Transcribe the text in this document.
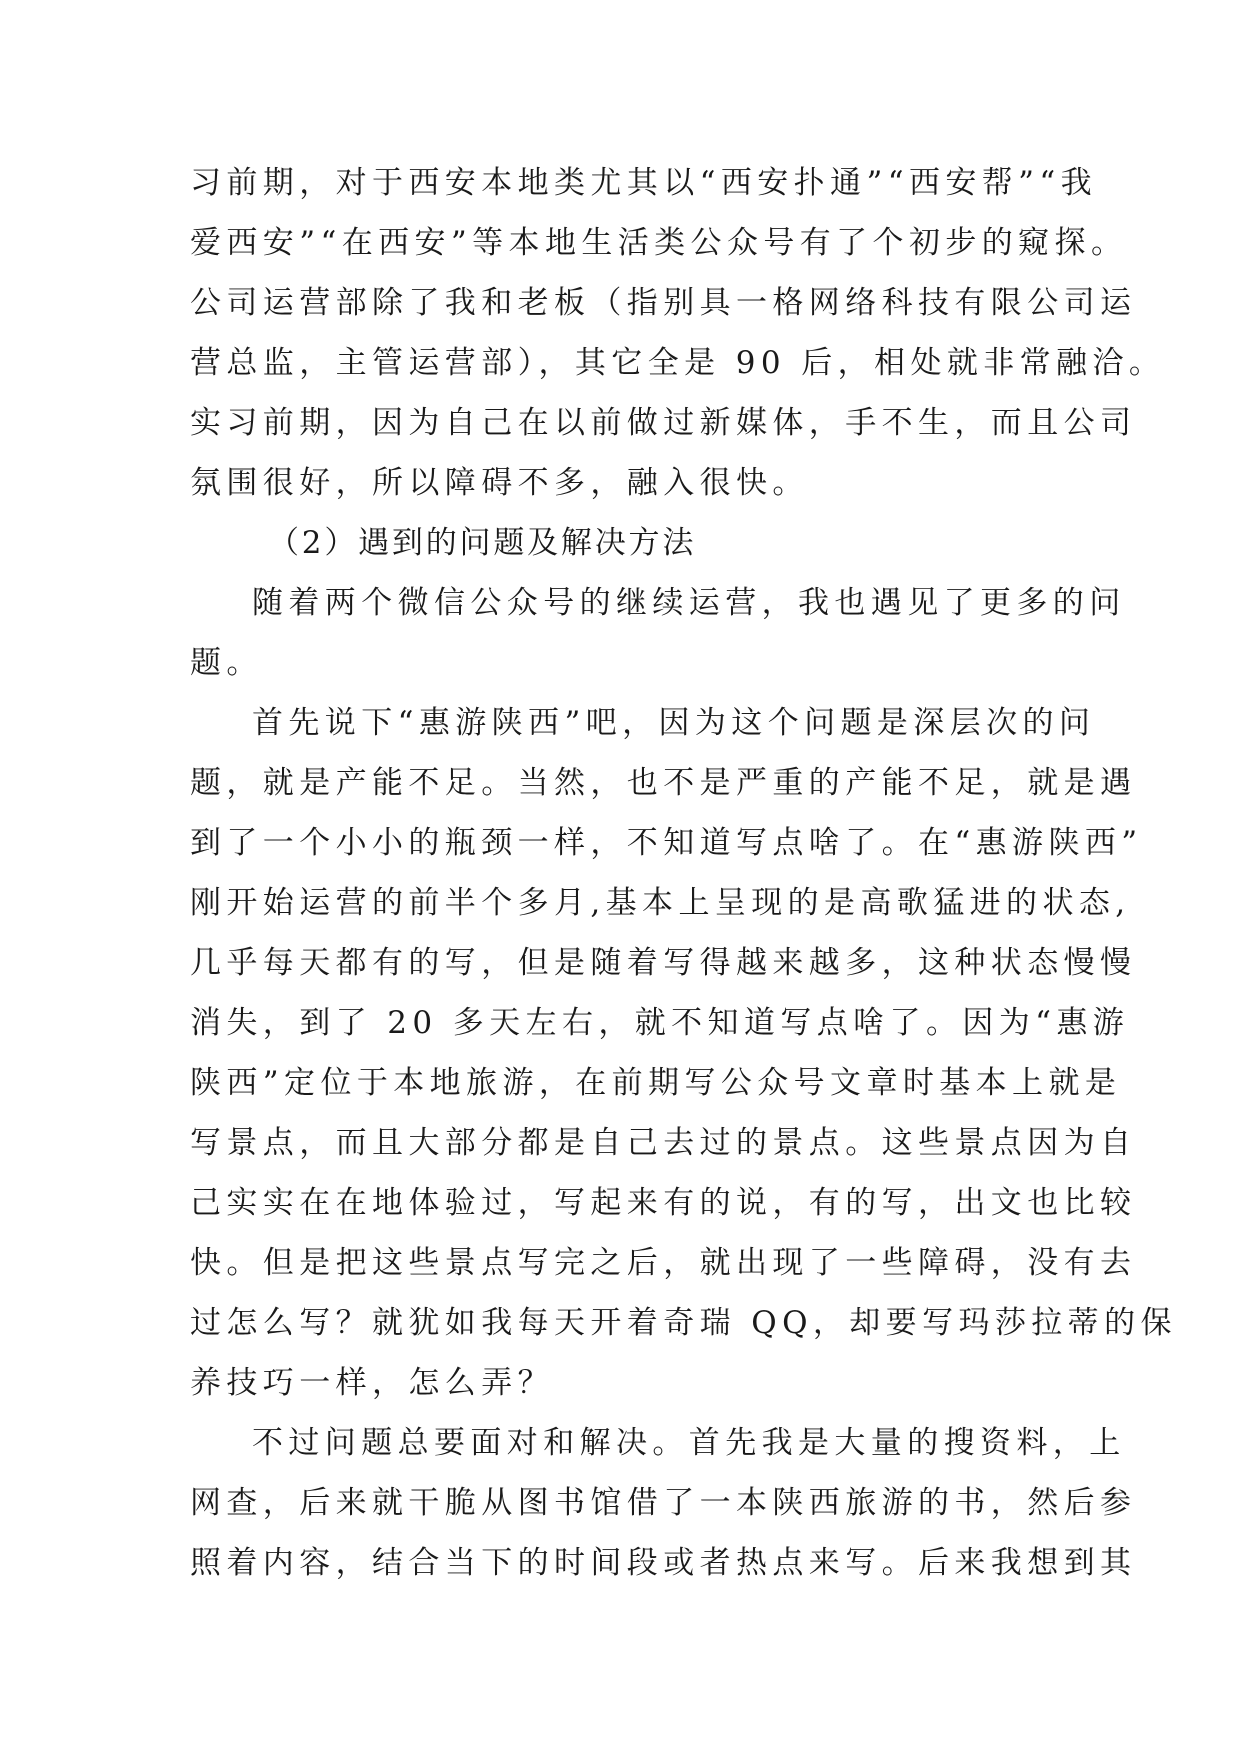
习前期，对于西安本地类尤其以“西安扑通”“西安帮”“我
爱西安”“在西安”等本地生活类公众号有了个初步的窥探。
公司运营部除了我和老板（指别具一格网络科技有限公司运
营总监，主管运营部），其它全是 90 后，相处就非常融洽。
实习前期，因为自己在以前做过新媒体，手不生，而且公司
氛围很好，所以障碍不多，融入很快。
（2）遇到的问题及解决方法
随着两个微信公众号的继续运营，我也遇见了更多的问
题。
首先说下“惠游陕西”吧，因为这个问题是深层次的问
题，就是产能不足。当然，也不是严重的产能不足，就是遇
到了一个小小的瓶颈一样，不知道写点啥了。在“惠游陕西”
刚开始运营的前半个多月,基本上呈现的是高歌猛进的状态,
几乎每天都有的写，但是随着写得越来越多，这种状态慢慢
消失，到了 20 多天左右，就不知道写点啥了。因为“惠游
陕西”定位于本地旅游，在前期写公众号文章时基本上就是
写景点，而且大部分都是自己去过的景点。这些景点因为自
己实实在在地体验过，写起来有的说，有的写，出文也比较
快。但是把这些景点写完之后，就出现了一些障碍，没有去
过怎么写？就犹如我每天开着奇瑞 QQ，却要写玛莎拉蒂的保
养技巧一样，怎么弄？
不过问题总要面对和解决。首先我是大量的搜资料，上
网查，后来就干脆从图书馆借了一本陕西旅游的书，然后参
照着内容，结合当下的时间段或者热点来写。后来我想到其
